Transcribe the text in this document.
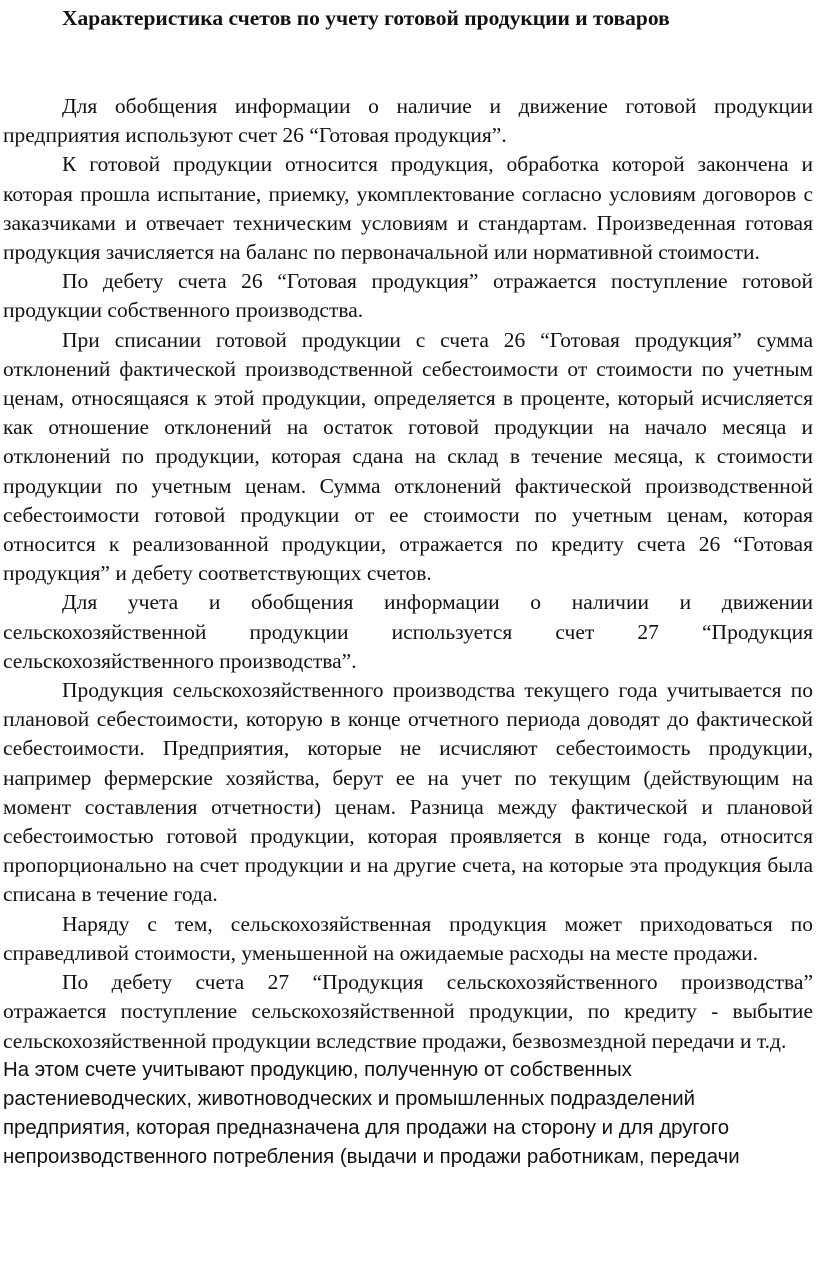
Характеристика счетов по учету готовой продукции и товаров

Для обобщения информации о наличие и движение готовой продукции предприятия используют счет 26 “Готовая продукция”.

К готовой продукции относится продукция, обработка которой закончена и которая прошла испытание, приемку, укомплектование согласно условиям договоров с заказчиками и отвечает техническим условиям и стандартам. Произведенная готовая продукция зачисляется на баланс по первоначальной или нормативной стоимости.

По дебету счета 26 “Готовая продукция” отражается поступление готовой продукции собственного производства.

При списании готовой продукции с счета 26 “Готовая продукция” сумма отклонений фактической производственной себестоимости от стоимости по учетным ценам, относящаяся к этой продукции, определяется в проценте, который исчисляется как отношение отклонений на остаток готовой продукции на начало месяца и отклонений по продукции, которая сдана на склад в течение месяца, к стоимости продукции по учетным ценам. Сумма отклонений фактической производственной себестоимости готовой продукции от ее стоимости по учетным ценам, которая относится к реализованной продукции, отражается по кредиту счета 26 “Готовая продукция” и дебету соответствующих счетов.

Для учета и обобщения информации о наличии и движении сельскохозяйственной продукции используется счет 27 “Продукция сельскохозяйственного производства”.

Продукция сельскохозяйственного производства текущего года учитывается по плановой себестоимости, которую в конце отчетного периода доводят до фактической себестоимости. Предприятия, которые не исчисляют себестоимость продукции, например фермерские хозяйства, берут ее на учет по текущим (действующим на момент составления отчетности) ценам. Разница между фактической и плановой себестоимостью готовой продукции, которая проявляется в конце года, относится пропорционально на счет продукции и на другие счета, на которые эта продукция была списана в течение года.

Наряду с тем, сельскохозяйственная продукция может приходоваться по справедливой стоимости, уменьшенной на ожидаемые расходы на месте продажи.

По дебету счета 27 “Продукция сельскохозяйственного производства” отражается поступление сельскохозяйственной продукции, по кредиту - выбытие сельскохозяйственной продукции вследствие продажи, безвозмездной передачи и т.д.

На этом счете учитывают продукцию, полученную от собственных
растениеводческих, животноводческих и промышленных подразделений
предприятия, которая предназначена для продажи на сторону и для другого
непроизводственного потребления (выдачи и продажи работникам, передачи
